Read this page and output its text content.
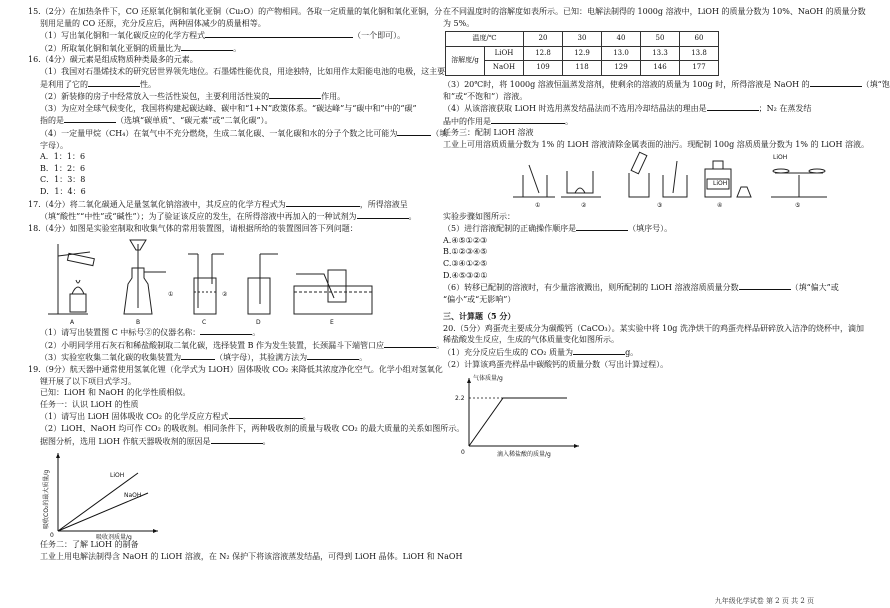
15.（2分）在加热条件下，CO 还原氧化铜和氧化亚铜（Cu₂O）的产物相同。各取一定质量的氧化铜和氧化亚铜，分
别用足量的 CO 还原，充分反应后，两种固体减少的质量相等。
（1）写出氧化铜和一氧化碳反应的化学方程式	（一个即可）。
（2）所取氧化铜和氧化亚铜的质量比为	。
16.（4分）碳元素是组成物质种类最多的元素。
（1）我国对石墨烯技术的研究居世界领先地位。石墨烯性能优良，用途独特，比如用作太阳能电池的电极，这主要
是利用了它的	性。
（2）新装修的房子中经常放入一些活性炭包，主要利用活性炭的	作用。
（3）为应对全球气候变化，我国将构建起碳达峰、碳中和“1+N”政策体系。“碳达峰”与“碳中和”中的“碳”
指的是	（选填“碳单质”、“碳元素”或“二氧化碳”）。
（4）一定量甲烷（CH₄）在氧气中不充分燃烧，生成二氧化碳、一氧化碳和水的分子个数之比可能为	（填
字母）。
A．1：1：6
B．1：2：6
C．1：3：8
D．1：4：6
17.（4分）将二氧化碳通入足量氢氧化钠溶液中，其反应的化学方程式为	，所得溶液呈
（填“酸性”“中性”或“碱性”）；为了验证该反应的发生，在所得溶液中再加入的一种试剂为	。
18.（4分）如图是实验室制取和收集气体的常用装置图，请根据所给的装置图回答下列问题：
A	B	C	D	E
①	②
（1）请写出装置图 C 中标号②的仪器名称：	。
（2）小明同学用石灰石和稀盐酸制取二氧化碳，选择装置 B 作为发生装置，长颈漏斗下端管口应	。
（3）实验室收集二氧化碳的收集装置为	（填字母），其验满方法为	。
19.（9分）航天器中通常使用氢氧化锂（化学式为 LiOH）固体吸收 CO₂ 来降低其浓度净化空气。化学小组对氢氧化
锂开展了以下项目式学习。
已知：LiOH 和 NaOH 的化学性质相似。
任务一：认识 LiOH 的性质
（1）请写出 LiOH 固体吸收 CO₂ 的化学反应方程式	。
（2）LiOH、NaOH 均可作 CO₂ 的吸收剂。相同条件下，两种吸收剂的质量与吸收 CO₂ 的最大质量的关系如图所示。
据图分析，选用 LiOH 作航天器吸收剂的原因是	。
LiOH
NaOH
0	吸收剂质量/g
吸收CO₂的最大质量/g
任务二：了解 LiOH 的制备
工业上用电解法制得含 NaOH 的 LiOH 溶液，在 N₂ 保护下将该溶液蒸发结晶，可得到 LiOH 晶体。LiOH 和 NaOH
在不同温度时的溶解度如表所示。已知：电解法制得的 1000g 溶液中，LiOH 的质量分数为 10%、NaOH 的质量分数
为 5%。
温度/℃		20	30	40	50	60
溶解度/g	LiOH	12.8	12.9	13.0	13.3	13.8
	NaOH	109	118	129	146	177
（3）20℃时，将 1000g 溶液恒温蒸发溶剂，使剩余的溶液的质量为 100g 时，所得溶液是 NaOH 的	（填“饱
和”或“不饱和”）溶液。
（4）从该溶液获取 LiOH 时选用蒸发结晶法而不选用冷却结晶法的理由是	；N₂ 在蒸发结
晶中的作用是	。
任务三：配制 LiOH 溶液
工业上可用溶质质量分数为 1% 的 LiOH 溶液清除金属表面的油污。现配制 100g 溶质质量分数为 1% 的 LiOH 溶液。
LiOH
LiOH
①	②	③	④	⑤
实验步骤如图所示：
（5）进行溶液配制的正确操作顺序是	（填序号）。
A.④⑤①②③
B.①②③④⑤
C.③④①②⑤
D.④⑤③②①
（6）转移已配制的溶液时，有少量溶液溅出，则所配制的 LiOH 溶液溶质质量分数	（填“偏大”或
“偏小”或“无影响”）
三、计算题（5 分）
20.（5分）鸡蛋壳主要成分为碳酸钙（CaCO₃）。某实验中将 10g 洗净烘干的鸡蛋壳样品研碎放入洁净的烧杯中，滴加
稀盐酸发生反应，生成的气体质量变化如图所示。
（1）充分反应后生成的 CO₂ 质量为	g。
（2）计算该鸡蛋壳样品中碳酸钙的质量分数（写出计算过程）。
气体质量/g
2.2
0	滴入稀盐酸的质量/g
九年级化学试卷 第 2 页 共 2 页
